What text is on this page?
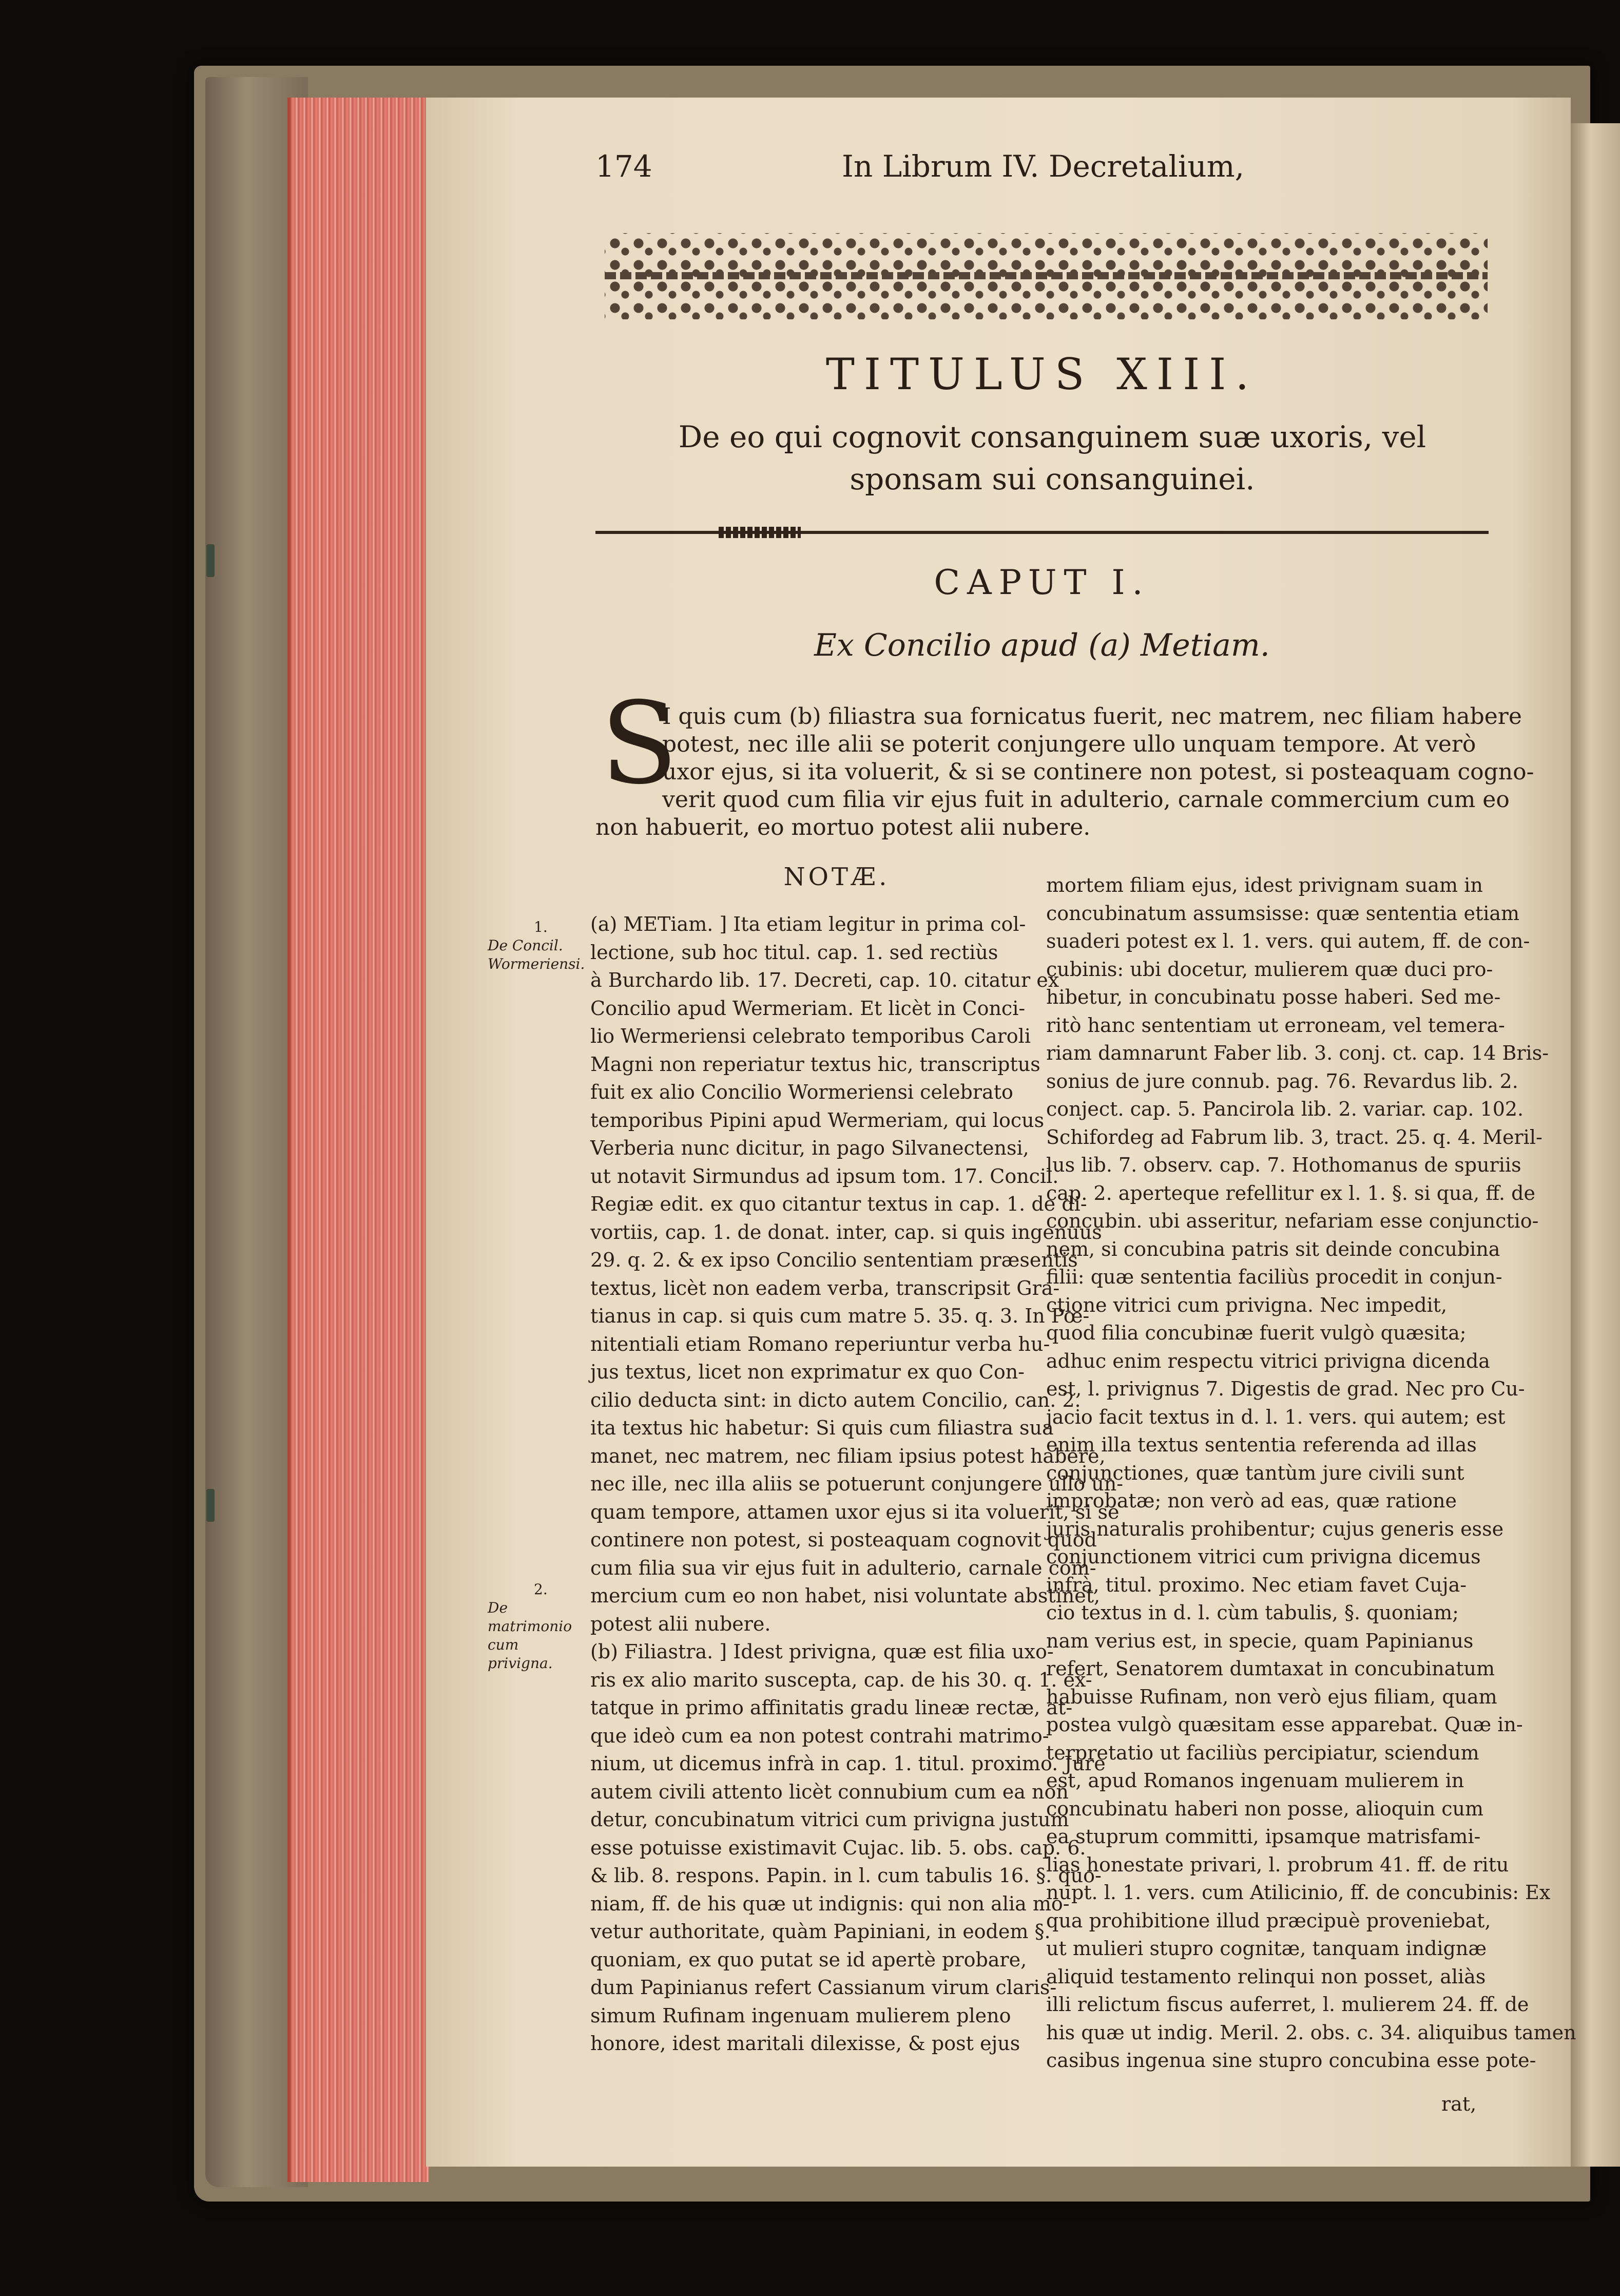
174	In Librum IV. Decretalium,
TITULUS XIII.
De eo qui cognovit consanguinem suæ uxoris, vel sponsam sui consanguinei.
CAPUT I.
Ex Concilio apud (a) Metiam.
S
I quis cum (b) filiastra sua fornicatus fuerit, nec matrem, nec filiam habere
potest, nec ille alii se poterit conjungere ullo unquam tempore. At verò
uxor ejus, si ita voluerit, & si se continere non potest, si posteaquam cogno-
verit quod cum filia vir ejus fuit in adulterio, carnale commercium cum eo
non habuerit, eo mortuo potest alii nubere.
NOTÆ.
1.
De Concil. Wormeriensi.
2.
De matrimonio cum privigna.
(a) METiam. ] Ita etiam legitur in prima col-
lectione, sub hoc titul. cap. 1. sed rectiùs
à Burchardo lib. 17. Decreti, cap. 10. citatur ex
Concilio apud Wermeriam. Et licèt in Conci-
lio Wermeriensi celebrato temporibus Caroli
Magni non reperiatur textus hic, transcriptus
fuit ex alio Concilio Wormeriensi celebrato
temporibus Pipini apud Wermeriam, qui locus
Verberia nunc dicitur, in pago Silvanectensi,
ut notavit Sirmundus ad ipsum tom. 17. Concil.
Regiæ edit. ex quo citantur textus in cap. 1. de di-
vortiis, cap. 1. de donat. inter, cap. si quis ingenuus
29. q. 2. & ex ipso Concilio sententiam præsentis
textus, licèt non eadem verba, transcripsit Gra-
tianus in cap. si quis cum matre 5. 35. q. 3. In Pœ-
nitentiali etiam Romano reperiuntur verba hu-
jus textus, licet non exprimatur ex quo Con-
cilio deducta sint: in dicto autem Concilio, can. 2.
ita textus hic habetur: Si quis cum filiastra sua
manet, nec matrem, nec filiam ipsius potest habere,
nec ille, nec illa aliis se potuerunt conjungere ullo un-
quam tempore, attamen uxor ejus si ita voluerit, si se
continere non potest, si posteaquam cognovit quod
cum filia sua vir ejus fuit in adulterio, carnale com-
mercium cum eo non habet, nisi voluntate abstinet,
potest alii nubere.
(b) Filiastra. ] Idest privigna, quæ est filia uxo-
ris ex alio marito suscepta, cap. de his 30. q. 1. ex-
tatque in primo affinitatis gradu lineæ rectæ, at-
que ideò cum ea non potest contrahi matrimo-
nium, ut dicemus infrà in cap. 1. titul. proximo. Jure
autem civili attento licèt connubium cum ea non
detur, concubinatum vitrici cum privigna justum
esse potuisse existimavit Cujac. lib. 5. obs. cap. 6.
& lib. 8. respons. Papin. in l. cum tabulis 16. §. quo-
niam, ff. de his quæ ut indignis: qui non alia mo-
vetur authoritate, quàm Papiniani, in eodem §.
quoniam, ex quo putat se id apertè probare,
dum Papinianus refert Cassianum virum claris-
simum Rufinam ingenuam mulierem pleno
honore, idest maritali dilexisse, & post ejus
mortem filiam ejus, idest privignam suam in
concubinatum assumsisse: quæ sententia etiam
suaderi potest ex l. 1. vers. qui autem, ff. de con-
cubinis: ubi docetur, mulierem quæ duci pro-
hibetur, in concubinatu posse haberi. Sed me-
ritò hanc sententiam ut erroneam, vel temera-
riam damnarunt Faber lib. 3. conj. ct. cap. 14 Bris-
sonius de jure connub. pag. 76. Revardus lib. 2.
conject. cap. 5. Pancirola lib. 2. variar. cap. 102.
Schifordeg ad Fabrum lib. 3, tract. 25. q. 4. Meril-
lus lib. 7. observ. cap. 7. Hothomanus de spuriis
cap. 2. aperteque refellitur ex l. 1. §. si qua, ff. de
concubin. ubi asseritur, nefariam esse conjunctio-
nem, si concubina patris sit deinde concubina
filii: quæ sententia faciliùs procedit in conjun-
ctione vitrici cum privigna. Nec impedit,
quod filia concubinæ fuerit vulgò quæsita;
adhuc enim respectu vitrici privigna dicenda
est, l. privignus 7. Digestis de grad. Nec pro Cu-
jacio facit textus in d. l. 1. vers. qui autem; est
enim illa textus sententia referenda ad illas
conjunctiones, quæ tantùm jure civili sunt
improbatæ; non verò ad eas, quæ ratione
juris naturalis prohibentur; cujus generis esse
conjunctionem vitrici cum privigna dicemus
infrà, titul. proximo. Nec etiam favet Cuja-
cio textus in d. l. cùm tabulis, §. quoniam;
nam verius est, in specie, quam Papinianus
refert, Senatorem dumtaxat in concubinatum
habuisse Rufinam, non verò ejus filiam, quam
postea vulgò quæsitam esse apparebat. Quæ in-
terpretatio ut faciliùs percipiatur, sciendum
est, apud Romanos ingenuam mulierem in
concubinatu haberi non posse, alioquin cum
ea stuprum committi, ipsamque matrisfami-
lias honestate privari, l. probrum 41. ff. de ritu
nupt. l. 1. vers. cum Atilicinio, ff. de concubinis: Ex
qua prohibitione illud præcipuè proveniebat,
ut mulieri stupro cognitæ, tanquam indignæ
aliquid testamento relinqui non posset, aliàs
illi relictum fiscus auferret, l. mulierem 24. ff. de
his quæ ut indig. Meril. 2. obs. c. 34. aliquibus tamen
casibus ingenua sine stupro concubina esse pote-
rat,
